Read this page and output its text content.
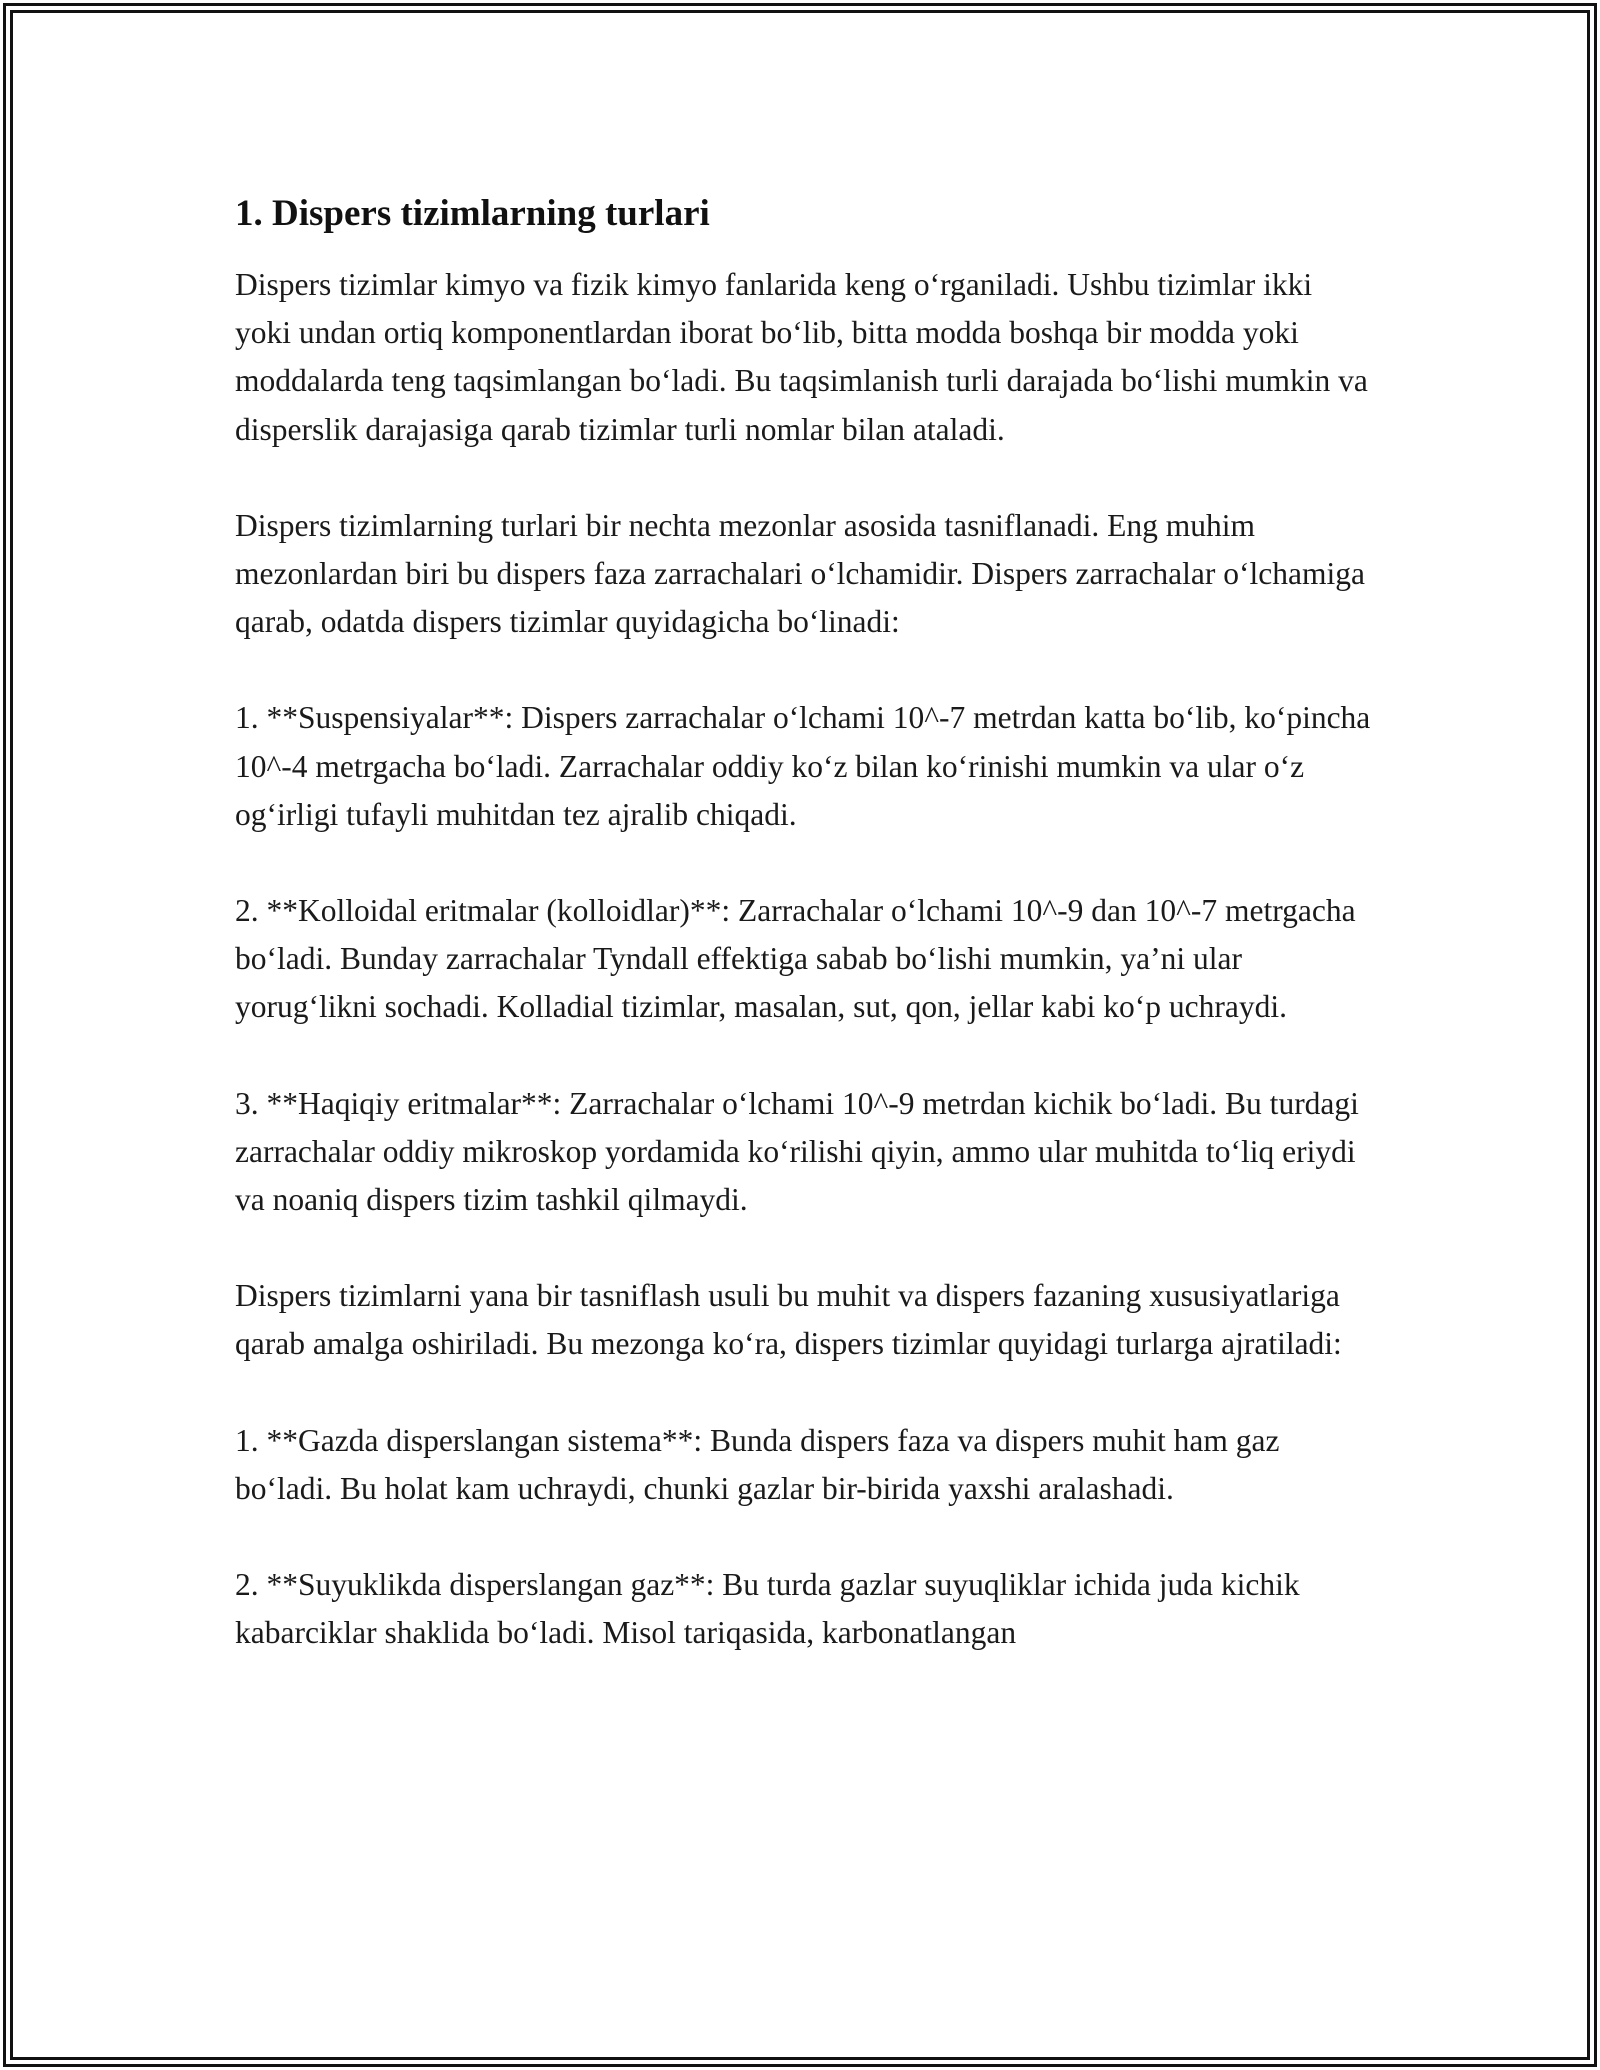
1. Dispers tizimlarning turlari

Dispers tizimlar kimyo va fizik kimyo fanlarida keng o‘rganiladi. Ushbu tizimlar ikki yoki undan ortiq komponentlardan iborat bo‘lib, bitta modda boshqa bir modda yoki moddalarda teng taqsimlangan bo‘ladi. Bu taqsimlanish turli darajada bo‘lishi mumkin va disperslik darajasiga qarab tizimlar turli nomlar bilan ataladi.

Dispers tizimlarning turlari bir nechta mezonlar asosida tasniflanadi. Eng muhim mezonlardan biri bu dispers faza zarrachalari o‘lchamidir. Dispers zarrachalar o‘lchamiga qarab, odatda dispers tizimlar quyidagicha bo‘linadi:

1. **Suspensiyalar**: Dispers zarrachalar o‘lchami 10^-7 metrdan katta bo‘lib, ko‘pincha 10^-4 metrgacha bo‘ladi. Zarrachalar oddiy ko‘z bilan ko‘rinishi mumkin va ular o‘z og‘irligi tufayli muhitdan tez ajralib chiqadi.

2. **Kolloidal eritmalar (kolloidlar)**: Zarrachalar o‘lchami 10^-9 dan 10^-7 metrgacha bo‘ladi. Bunday zarrachalar Tyndall effektiga sabab bo‘lishi mumkin, ya’ni ular yorug‘likni sochadi. Kolladial tizimlar, masalan, sut, qon, jellar kabi ko‘p uchraydi.

3. **Haqiqiy eritmalar**: Zarrachalar o‘lchami 10^-9 metrdan kichik bo‘ladi. Bu turdagi zarrachalar oddiy mikroskop yordamida ko‘rilishi qiyin, ammo ular muhitda to‘liq eriydi va noaniq dispers tizim tashkil qilmaydi.

Dispers tizimlarni yana bir tasniflash usuli bu muhit va dispers fazaning xususiyatlariga qarab amalga oshiriladi. Bu mezonga ko‘ra, dispers tizimlar quyidagi turlarga ajratiladi:

1. **Gazda disperslangan sistema**: Bunda dispers faza va dispers muhit ham gaz bo‘ladi. Bu holat kam uchraydi, chunki gazlar bir-birida yaxshi aralashadi.

2. **Suyuklikda disperslangan gaz**: Bu turda gazlar suyuqliklar ichida juda kichik kabarciklar shaklida bo‘ladi. Misol tariqasida, karbonatlangan
